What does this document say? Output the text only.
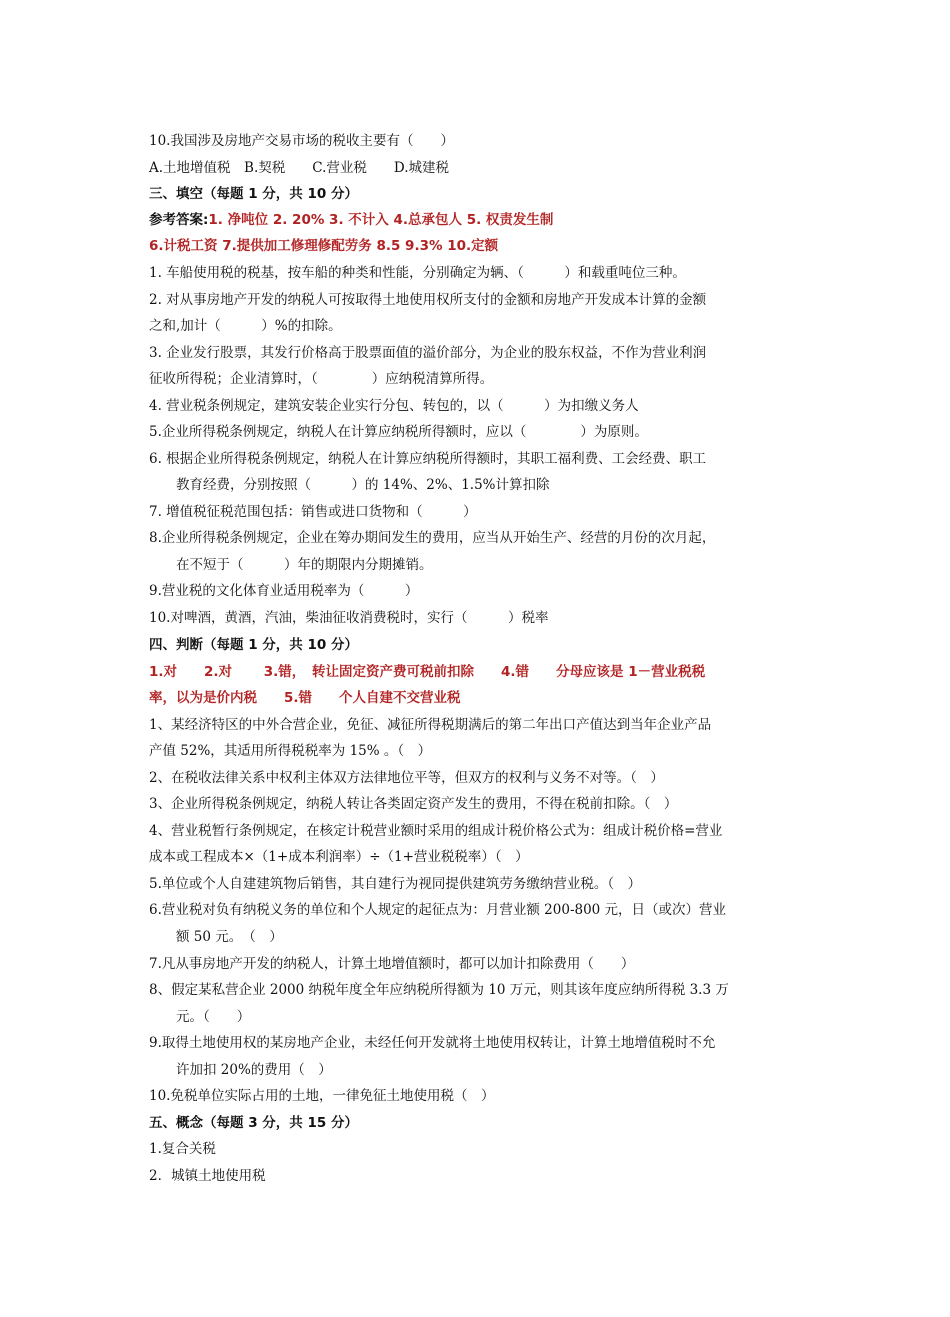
10.我国涉及房地产交易市场的税收主要有（　　）
A.土地增值税　B.契税　　C.营业税　　D.城建税
三、填空（每题 1 分，共 10 分）
参考答案:1. 净吨位 2. 20% 3. 不计入 4.总承包人 5. 权责发生制
6.计税工资 7.提供加工修理修配劳务 8.5 9.3% 10.定额
1. 车船使用税的税基，按车船的种类和性能，分别确定为辆、（　　　）和载重吨位三种。
2. 对从事房地产开发的纳税人可按取得土地使用权所支付的金额和房地产开发成本计算的金额
之和,加计（　　　）%的扣除。
3. 企业发行股票，其发行价格高于股票面值的溢价部分，为企业的股东权益，不作为营业利润
征收所得税；企业清算时，（　　　　）应纳税清算所得。
4. 营业税条例规定，建筑安装企业实行分包、转包的，以（　　　）为扣缴义务人
5.企业所得税条例规定，纳税人在计算应纳税所得额时，应以（　　　　）为原则。
6. 根据企业所得税条例规定，纳税人在计算应纳税所得额时，其职工福利费、工会经费、职工
教育经费，分别按照（　　　）的 14%、2%、1.5%计算扣除
7. 增值税征税范围包括：销售或进口货物和（　　　）
8.企业所得税条例规定，企业在筹办期间发生的费用，应当从开始生产、经营的月份的次月起，
在不短于（　　　）年的期限内分期摊销。
9.营业税的文化体育业适用税率为（　　　）
10.对啤酒，黄酒，汽油，柴油征收消费税时，实行（　　　）税率
四、判断（每题 1 分，共 10 分）
1.对　　2.对　　 3.错，　转让固定资产费可税前扣除　　4.错　　分母应该是 1－营业税税
率，以为是价内税　　5.错　　个人自建不交营业税
1、某经济特区的中外合营企业，免征、减征所得税期满后的第二年出口产值达到当年企业产品
产值 52%，其适用所得税税率为 15% 。（　）
2、在税收法律关系中权利主体双方法律地位平等，但双方的权利与义务不对等。（　）
3、企业所得税条例规定，纳税人转让各类固定资产发生的费用，不得在税前扣除。（　）
4、营业税暂行条例规定，在核定计税营业额时采用的组成计税价格公式为：组成计税价格=营业
成本或工程成本×（1+成本利润率）÷（1+营业税税率）（　）
5.单位或个人自建建筑物后销售，其自建行为视同提供建筑劳务缴纳营业税。（　）
6.营业税对负有纳税义务的单位和个人规定的起征点为：月营业额 200-800 元，日（或次）营业
额 50 元。　（　）
7.凡从事房地产开发的纳税人，计算土地增值额时，都可以加计扣除费用（　　）
8、假定某私营企业 2000 纳税年度全年应纳税所得额为 10 万元，则其该年度应纳所得税 3.3 万
元。（　　）
9.取得土地使用权的某房地产企业，未经任何开发就将土地使用权转让，计算土地增值税时不允
许加扣 20%的费用（　）
10.免税单位实际占用的土地，一律免征土地使用税（　）
五、概念（每题 3 分，共 15 分）
1.复合关税
2．城镇土地使用税
